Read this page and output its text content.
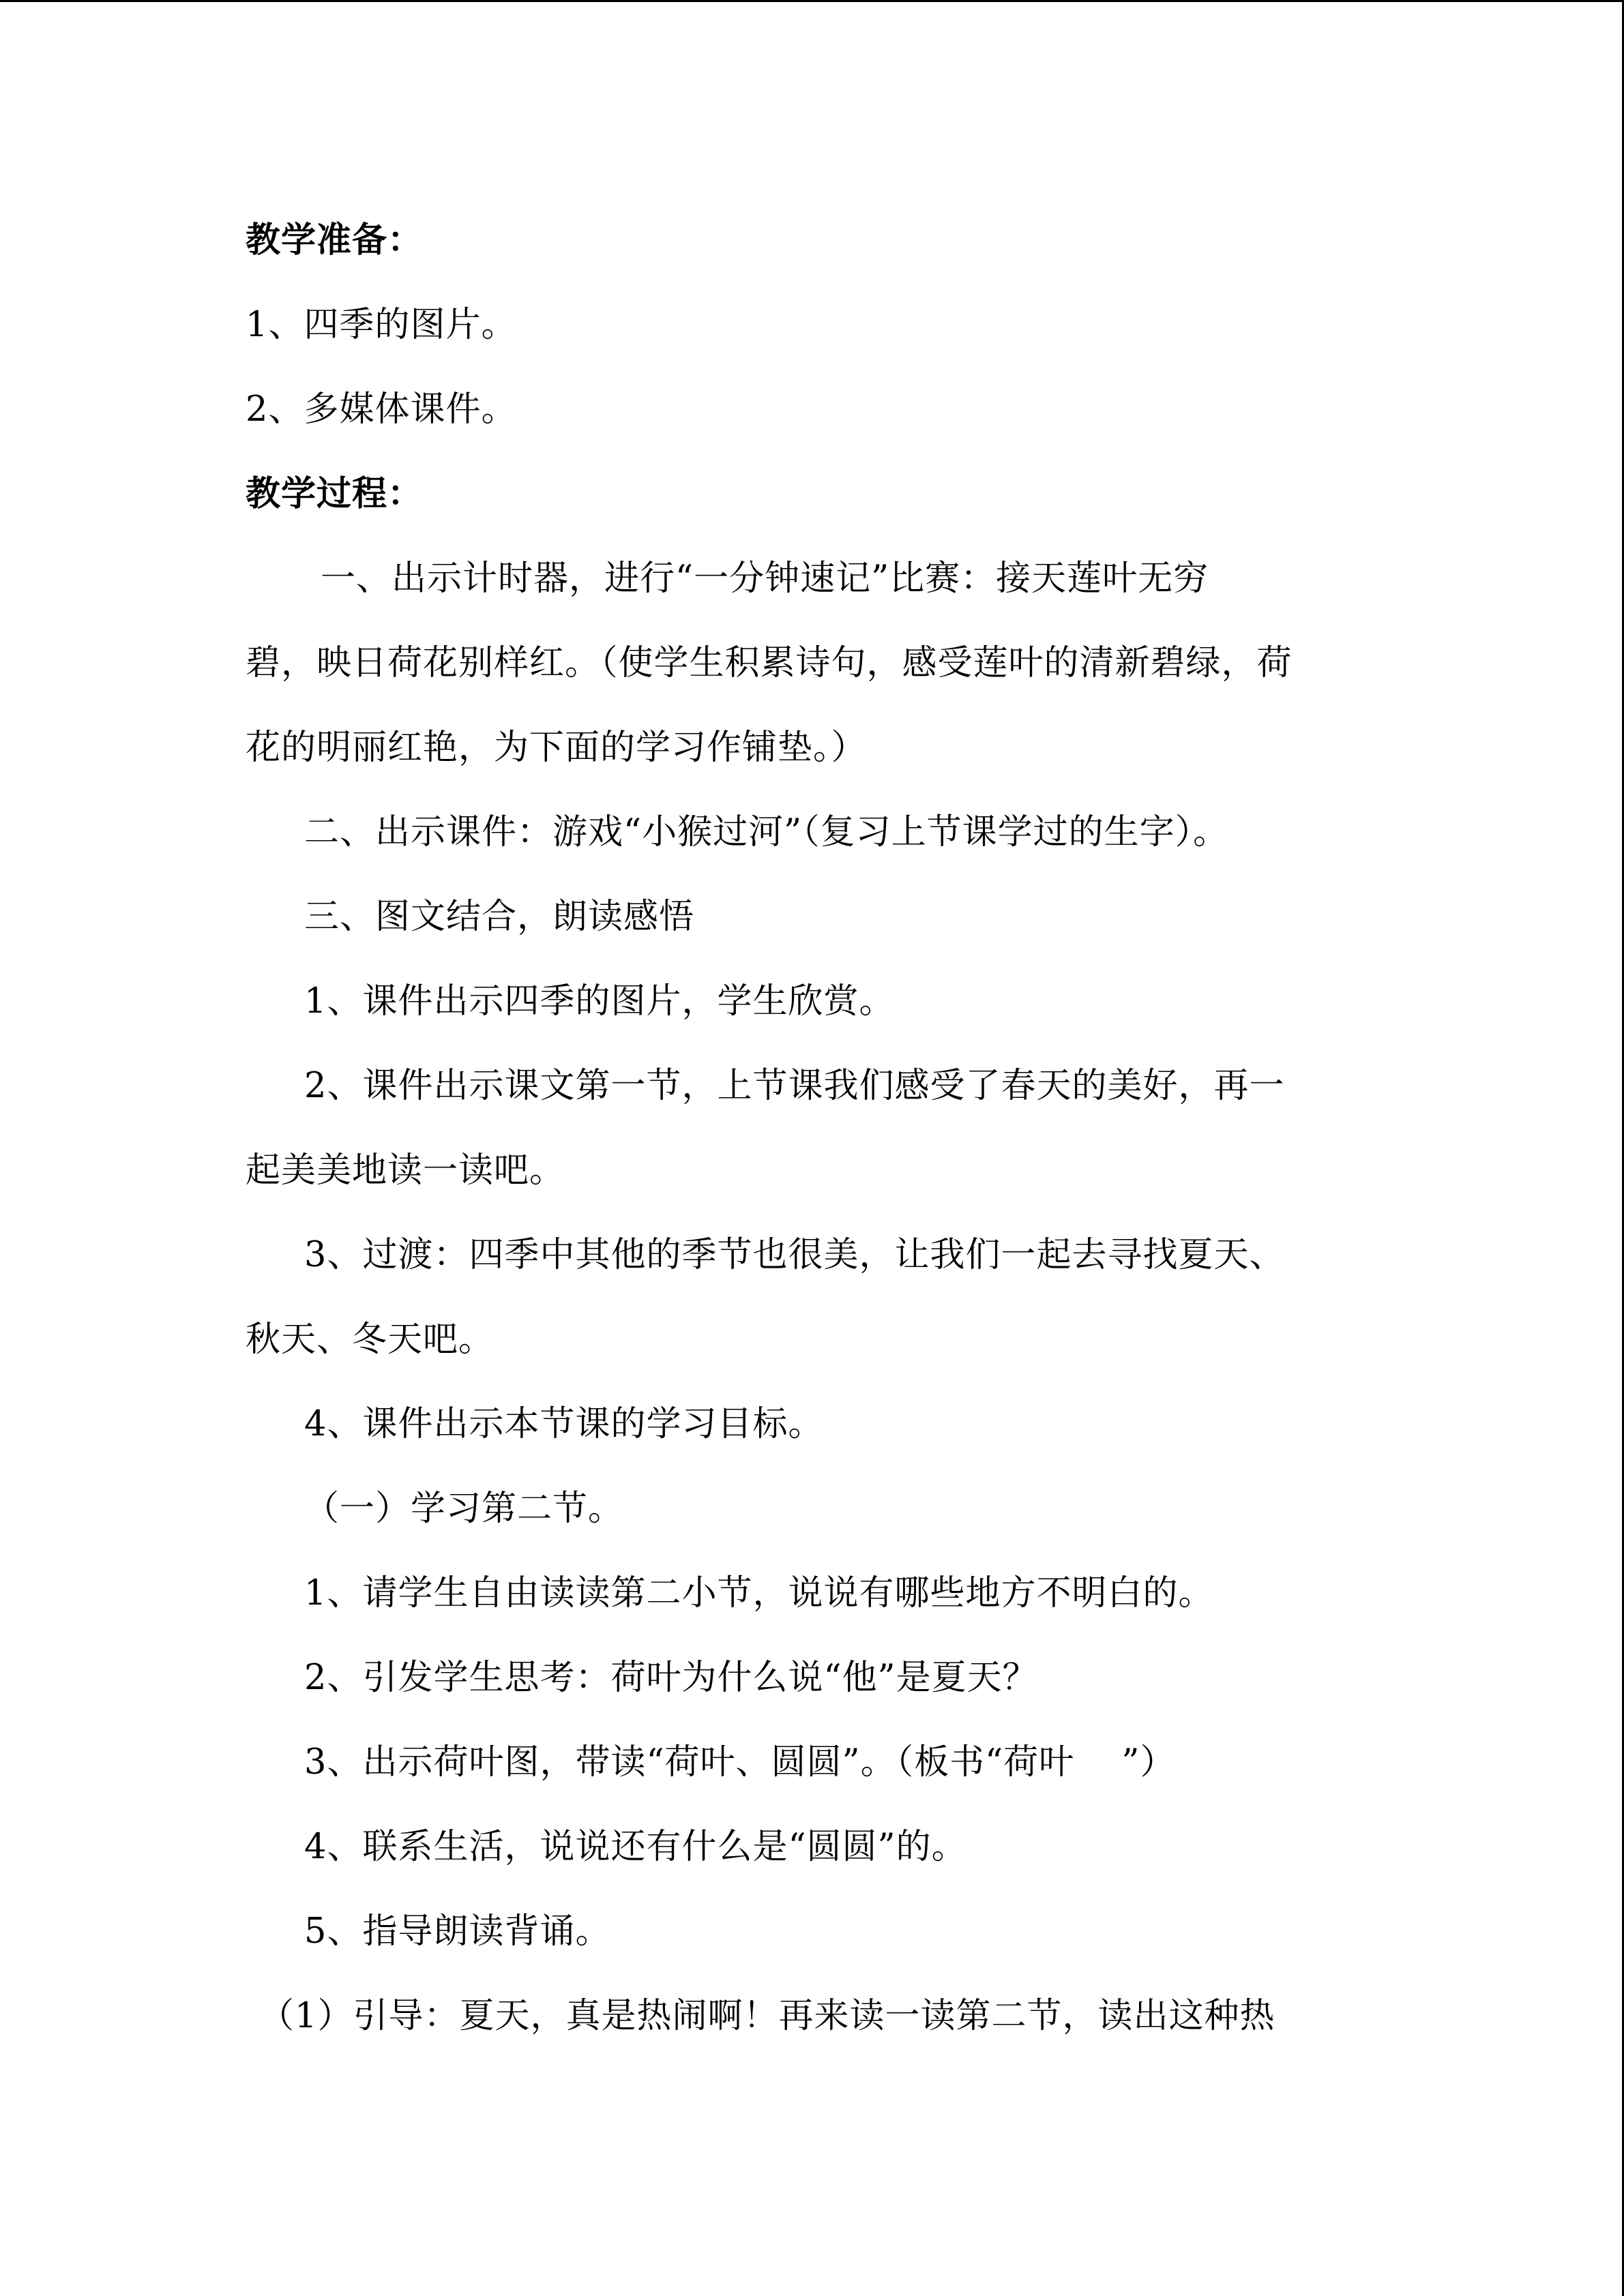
教学准备：

1、四季的图片。

2、多媒体课件。

教学过程：

一、出示计时器，进行“一分钟速记”比赛：接天莲叶无穷

碧，映日荷花别样红。（使学生积累诗句，感受莲叶的清新碧绿，荷

花的明丽红艳，为下面的学习作铺垫。）

二、出示课件：游戏“小猴过河”（复习上节课学过的生字）。

三、图文结合，朗读感悟

1、课件出示四季的图片，学生欣赏。

2、课件出示课文第一节，上节课我们感受了春天的美好，再一

起美美地读一读吧。

3、过渡：四季中其他的季节也很美，让我们一起去寻找夏天、

秋天、冬天吧。

4、课件出示本节课的学习目标。

（一）学习第二节。

1、请学生自由读读第二小节，说说有哪些地方不明白的。

2、引发学生思考：荷叶为什么说“他”是夏天？

3、出示荷叶图，带读“荷叶、圆圆”。（板书“荷叶　 ”）

4、联系生活，说说还有什么是“圆圆”的。

5、指导朗读背诵。

（1）引导：夏天，真是热闹啊！再来读一读第二节，读出这种热
